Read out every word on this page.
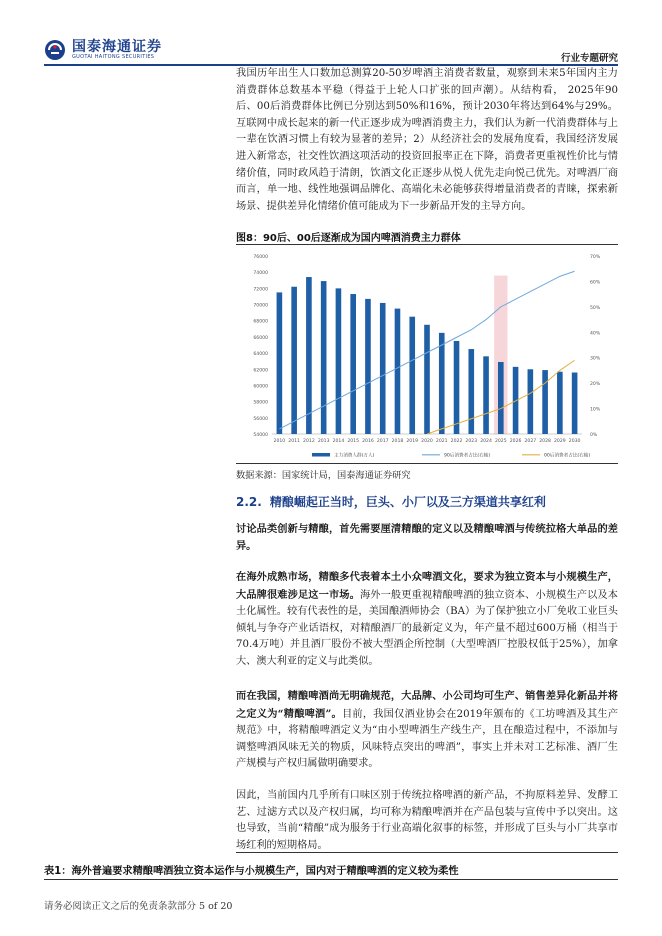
国泰海通证券
GUOTAI HAITONG SECURITIES	行业专题研究

我国历年出生人口数加总测算20-50岁啤酒主消费者数量，观察到未来5年国内主力消费群体总数基本平稳（得益于上轮人口扩张的回声潮）。从结构看， 2025年90后、00后消费群体比例已分别达到50%和16%，预计2030年将达到64%与29%。互联网中成长起来的新一代正逐步成为啤酒消费主力，我们认为新一代消费群体与上一辈在饮酒习惯上有较为显著的差异；2）从经济社会的发展角度看，我国经济发展进入新常态，社交性饮酒这项活动的投资回报率正在下降，消费者更重视性价比与情绪价值，同时政风趋于清朗，饮酒文化正逐步从悦人优先走向悦己优先。对啤酒厂商而言，单一地、线性地强调品牌化、高端化未必能够获得增量消费者的青睐，探索新场景、提供差异化情绪价值可能成为下一步新品开发的主导方向。

图8：90后、00后逐渐成为国内啤酒消费主力群体
54000
56000
58000
60000
62000
64000
66000
68000
70000
72000
74000
76000
0%
10%
20%
30%
40%
50%
60%
70%
2010 2011 2012 2013 2014 2015 2016 2017 2018 2019 2020 2021 2022 2023 2024 2025 2026 2027 2028 2029 2030
主力消费人群(万人)	90后消费者占比(右轴)	00后消费者占比(右轴)
数据来源：国家统计局，国泰海通证券研究
2.2. 精酿崛起正当时，巨头、小厂以及三方渠道共享红利

讨论品类创新与精酿，首先需要厘清精酿的定义以及精酿啤酒与传统拉格大单品的差异。

在海外成熟市场，精酿多代表着本土小众啤酒文化，要求为独立资本与小规模生产，大品牌很难涉足这一市场。海外一般更重视精酿啤酒的独立资本、小规模生产以及本土化属性。较有代表性的是，美国酿酒师协会（BA）为了保护独立小厂免收工业巨头倾轧与争夺产业话语权，对精酿酒厂的最新定义为，年产量不超过600万桶（相当于70.4万吨）并且酒厂股份不被大型酒企所控制（大型啤酒厂控股权低于25%），加拿大、澳大利亚的定义与此类似。

而在我国，精酿啤酒尚无明确规范，大品牌、小公司均可生产、销售差异化新品并将之定义为“精酿啤酒”。目前，我国仅酒业协会在2019年颁布的《工坊啤酒及其生产规范》中，将精酿啤酒定义为“由小型啤酒生产线生产，且在酿造过程中，不添加与调整啤酒风味无关的物质，风味特点突出的啤酒”，事实上并未对工艺标准、酒厂生产规模与产权归属做明确要求。

因此，当前国内几乎所有口味区别于传统拉格啤酒的新产品，不拘原料差异、发酵工艺、过滤方式以及产权归属，均可称为精酿啤酒并在产品包装与宣传中予以突出。这也导致，当前“精酿”成为服务于行业高端化叙事的标签，并形成了巨头与小厂共享市场红利的短期格局。

表1：海外普遍要求精酿啤酒独立资本运作与小规模生产，国内对于精酿啤酒的定义较为柔性
请务必阅读正文之后的免责条款部分 5 of 20
